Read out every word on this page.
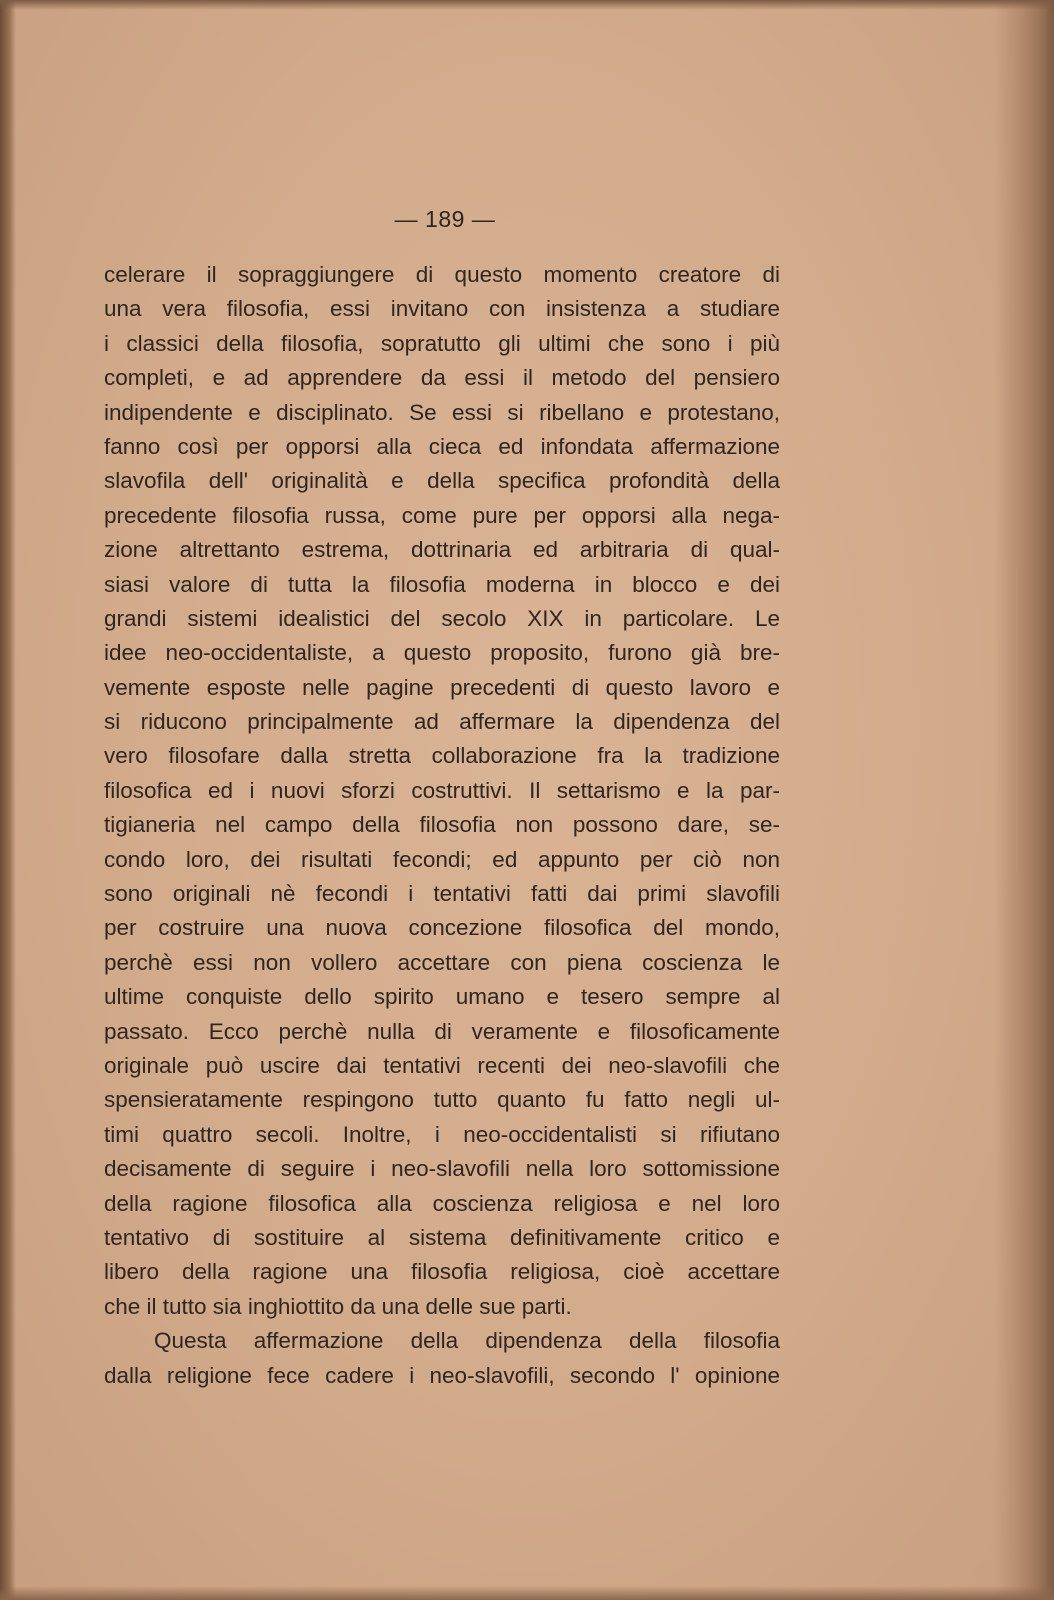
— 189 —
celerare il sopraggiungere di questo momento creatore di
una vera filosofia, essi invitano con insistenza a studiare
i classici della filosofia, sopratutto gli ultimi che sono i più
completi, e ad apprendere da essi il metodo del pensiero
indipendente e disciplinato. Se essi si ribellano e protestano,
fanno così per opporsi alla cieca ed infondata affermazione
slavofila dell' originalità e della specifica profondità della
precedente filosofia russa, come pure per opporsi alla nega-
zione altrettanto estrema, dottrinaria ed arbitraria di qual-
siasi valore di tutta la filosofia moderna in blocco e dei
grandi sistemi idealistici del secolo XIX in particolare. Le
idee neo-occidentaliste, a questo proposito, furono già bre-
vemente esposte nelle pagine precedenti di questo lavoro e
si riducono principalmente ad affermare la dipendenza del
vero filosofare dalla stretta collaborazione fra la tradizione
filosofica ed i nuovi sforzi costruttivi. Il settarismo e la par-
tigianeria nel campo della filosofia non possono dare, se-
condo loro, dei risultati fecondi; ed appunto per ciò non
sono originali nè fecondi i tentativi fatti dai primi slavofili
per costruire una nuova concezione filosofica del mondo,
perchè essi non vollero accettare con piena coscienza le
ultime conquiste dello spirito umano e tesero sempre al
passato. Ecco perchè nulla di veramente e filosoficamente
originale può uscire dai tentativi recenti dei neo-slavofili che
spensieratamente respingono tutto quanto fu fatto negli ul-
timi quattro secoli. Inoltre, i neo-occidentalisti si rifiutano
decisamente di seguire i neo-slavofili nella loro sottomissione
della ragione filosofica alla coscienza religiosa e nel loro
tentativo di sostituire al sistema definitivamente critico e
libero della ragione una filosofia religiosa, cioè accettare
che il tutto sia inghiottito da una delle sue parti.
Questa affermazione della dipendenza della filosofia
dalla religione fece cadere i neo-slavofili, secondo l' opinione
